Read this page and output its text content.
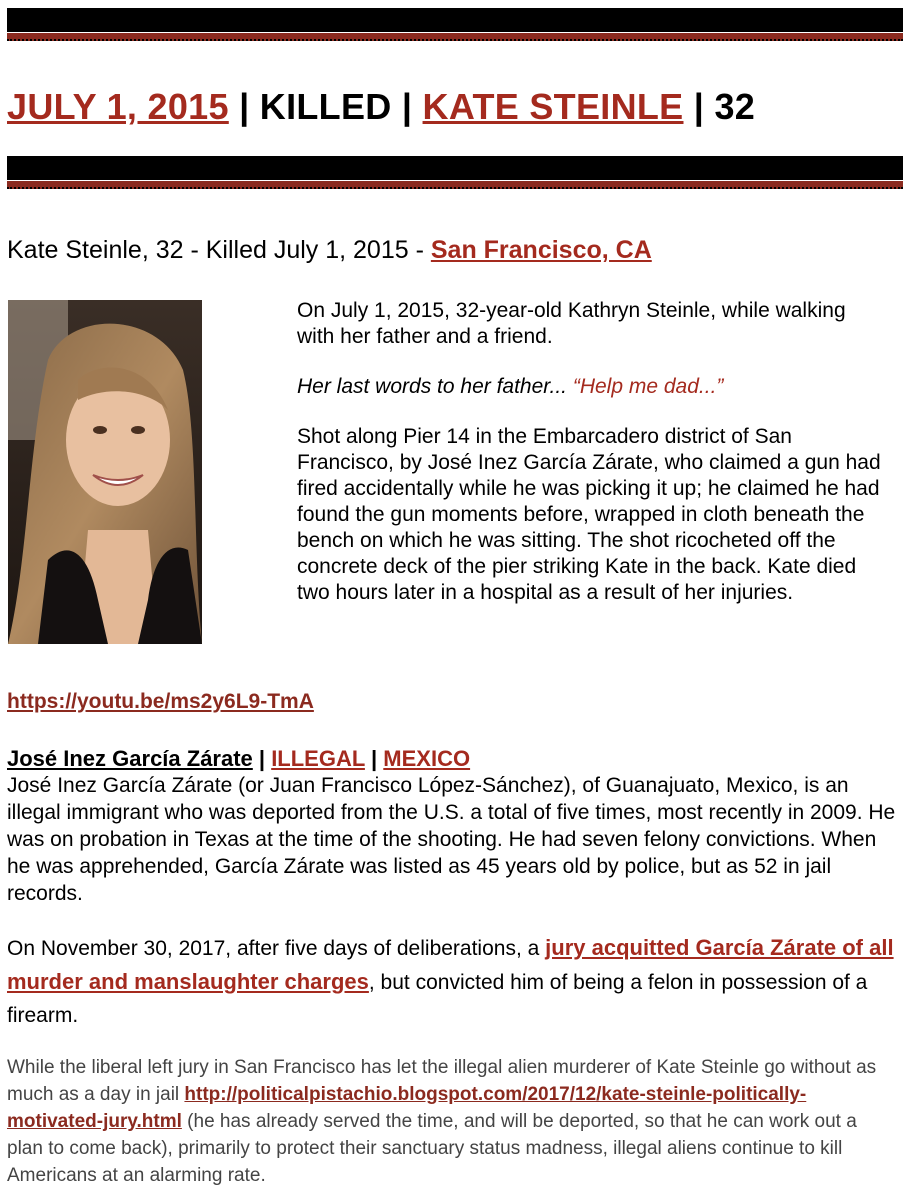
JULY 1, 2015 | KILLED | KATE STEINLE | 32
Kate Steinle, 32 - Killed July 1, 2015 - San Francisco, CA

On July 1, 2015, 32-year-old Kathryn Steinle, while walking with her father and a friend.

Her last words to her father... “Help me dad...”

Shot along Pier 14 in the Embarcadero district of San Francisco, by José Inez García Zárate, who claimed a gun had fired accidentally while he was picking it up; he claimed he had found the gun moments before, wrapped in cloth beneath the bench on which he was sitting. The shot ricocheted off the concrete deck of the pier striking Kate in the back. Kate died two hours later in a hospital as a result of her injuries.

https://youtu.be/ms2y6L9-TmA
José Inez García Zárate | ILLEGAL | MEXICO

José Inez García Zárate (or Juan Francisco López-Sánchez), of Guanajuato, Mexico, is an illegal immigrant who was deported from the U.S. a total of five times, most recently in 2009. He was on probation in Texas at the time of the shooting. He had seven felony convictions. When he was apprehended, García Zárate was listed as 45 years old by police, but as 52 in jail records.

On November 30, 2017, after five days of deliberations, a jury acquitted García Zárate of all murder and manslaughter charges, but convicted him of being a felon in possession of a firearm.

While the liberal left jury in San Francisco has let the illegal alien murderer of Kate Steinle go without as much as a day in jail http://politicalpistachio.blogspot.com/2017/12/kate-steinle-politically-motivated-jury.html (he has already served the time, and will be deported, so that he can work out a plan to come back), primarily to protect their sanctuary status madness, illegal aliens continue to kill Americans at an alarming rate.
